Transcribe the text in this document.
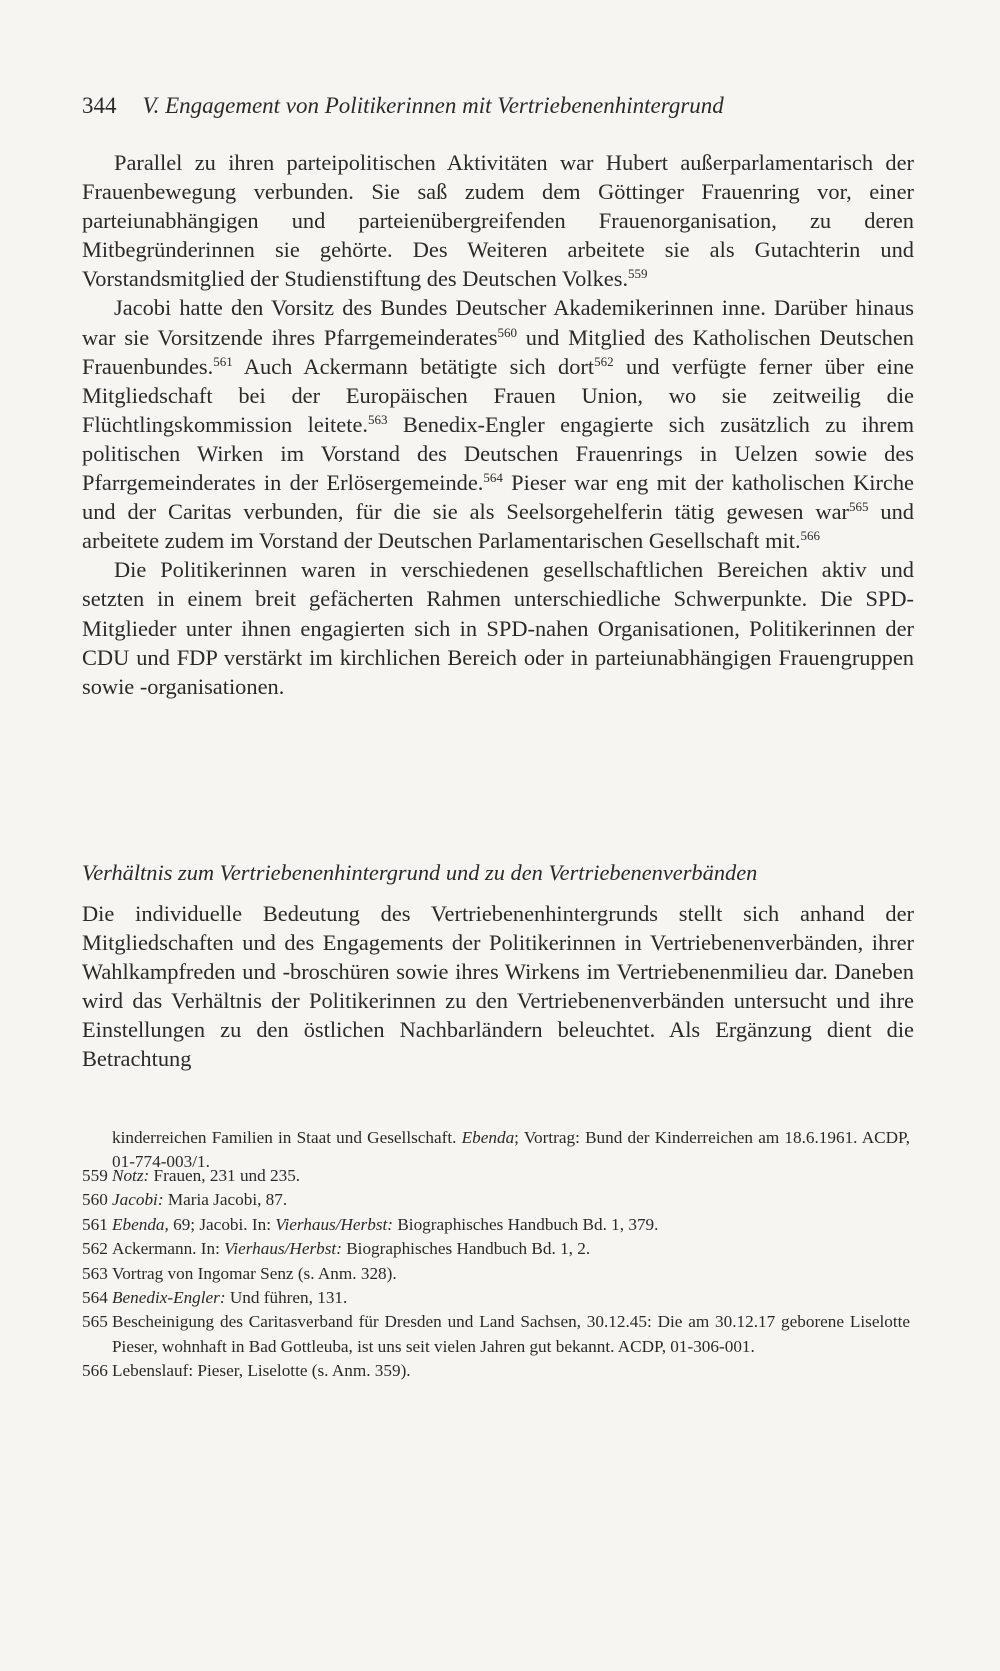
344 V. Engagement von Politikerinnen mit Vertriebenenhintergrund

Parallel zu ihren parteipolitischen Aktivitäten war Hubert außerparlamentarisch der Frauenbewegung verbunden. Sie saß zudem dem Göttinger Frauenring vor, einer parteiunabhängigen und parteienübergreifenden Frauenorganisation, zu deren Mitbegründerinnen sie gehörte. Des Weiteren arbeitete sie als Gutachterin und Vorstandsmitglied der Studienstiftung des Deutschen Volkes.$^{559}$

Jacobi hatte den Vorsitz des Bundes Deutscher Akademikerinnen inne. Darüber hinaus war sie Vorsitzende ihres Pfarrgemeinderates$^{560}$ und Mitglied des Katholischen Deutschen Frauenbundes.$^{561}$ Auch Ackermann betätigte sich dort$^{562}$ und verfügte ferner über eine Mitgliedschaft bei der Europäischen Frauen Union, wo sie zeitweilig die Flüchtlingskommission leitete.$^{563}$ Benedix-Engler engagierte sich zusätzlich zu ihrem politischen Wirken im Vorstand des Deutschen Frauenrings in Uelzen sowie des Pfarrgemeinderates in der Erlösergemeinde.$^{564}$ Pieser war eng mit der katholischen Kirche und der Caritas verbunden, für die sie als Seelsorgehelferin tätig gewesen war$^{565}$ und arbeitete zudem im Vorstand der Deutschen Parlamentarischen Gesellschaft mit.$^{566}$

Die Politikerinnen waren in verschiedenen gesellschaftlichen Bereichen aktiv und setzten in einem breit gefächerten Rahmen unterschiedliche Schwerpunkte. Die SPD-Mitglieder unter ihnen engagierten sich in SPD-nahen Organisationen, Politikerinnen der CDU und FDP verstärkt im kirchlichen Bereich oder in parteiunabhängigen Frauengruppen sowie -organisationen.

Verhältnis zum Vertriebenenhintergrund und zu den Vertriebenenverbänden

Die individuelle Bedeutung des Vertriebenenhintergrunds stellt sich anhand der Mitgliedschaften und des Engagements der Politikerinnen in Vertriebenenverbänden, ihrer Wahlkampfreden und -broschüren sowie ihres Wirkens im Vertriebenenmilieu dar. Daneben wird das Verhältnis der Politikerinnen zu den Vertriebenenverbänden untersucht und ihre Einstellungen zu den östlichen Nachbarländern beleuchtet. Als Ergänzung dient die Betrachtung

kinderreichen Familien in Staat und Gesellschaft. Ebenda; Vortrag: Bund der Kinderreichen am 18.6.1961. ACDP, 01-774-003/1.

559 Notz: Frauen, 231 und 235.
560 Jacobi: Maria Jacobi, 87.
561 Ebenda, 69; Jacobi. In: Vierhaus/Herbst: Biographisches Handbuch Bd. 1, 379.
562 Ackermann. In: Vierhaus/Herbst: Biographisches Handbuch Bd. 1, 2.
563 Vortrag von Ingomar Senz (s. Anm. 328).
564 Benedix-Engler: Und führen, 131.
565 Bescheinigung des Caritasverband für Dresden und Land Sachsen, 30.12.45: Die am 30.12.17 geborene Liselotte Pieser, wohnhaft in Bad Gottleuba, ist uns seit vielen Jahren gut bekannt. ACDP, 01-306-001.
566 Lebenslauf: Pieser, Liselotte (s. Anm. 359).
